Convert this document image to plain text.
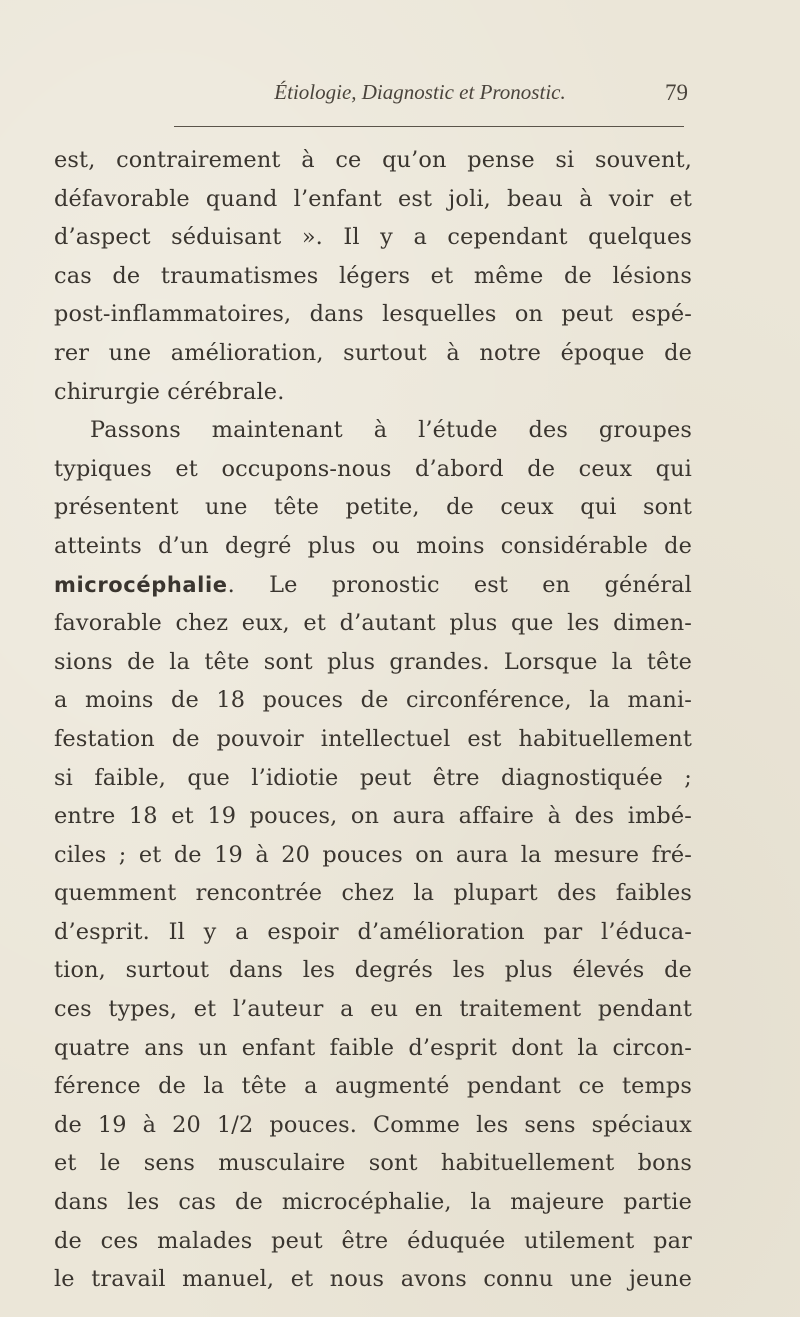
Étiologie, Diagnostic et Pronostic.	79
est, contrairement à ce qu’on pense si souvent,
défavorable quand l’enfant est joli, beau à voir et
d’aspect séduisant ». Il y a cependant quelques
cas de traumatismes légers et même de lésions
post-inflammatoires, dans lesquelles on peut espé-
rer une amélioration, surtout à notre époque de
chirurgie cérébrale.
Passons maintenant à l’étude des groupes
typiques et occupons-nous d’abord de ceux qui
présentent une tête petite, de ceux qui sont
atteints d’un degré plus ou moins considérable de
microcéphalie. Le pronostic est en général
favorable chez eux, et d’autant plus que les dimen-
sions de la tête sont plus grandes. Lorsque la tête
a moins de 18 pouces de circonférence, la mani-
festation de pouvoir intellectuel est habituellement
si faible, que l’idiotie peut être diagnostiquée ;
entre 18 et 19 pouces, on aura affaire à des imbé-
ciles ; et de 19 à 20 pouces on aura la mesure fré-
quemment rencontrée chez la plupart des faibles
d’esprit. Il y a espoir d’amélioration par l’éduca-
tion, surtout dans les degrés les plus élevés de
ces types, et l’auteur a eu en traitement pendant
quatre ans un enfant faible d’esprit dont la circon-
férence de la tête a augmenté pendant ce temps
de 19 à 20 1/2 pouces. Comme les sens spéciaux
et le sens musculaire sont habituellement bons
dans les cas de microcéphalie, la majeure partie
de ces malades peut être éduquée utilement par
le travail manuel, et nous avons connu une jeune
